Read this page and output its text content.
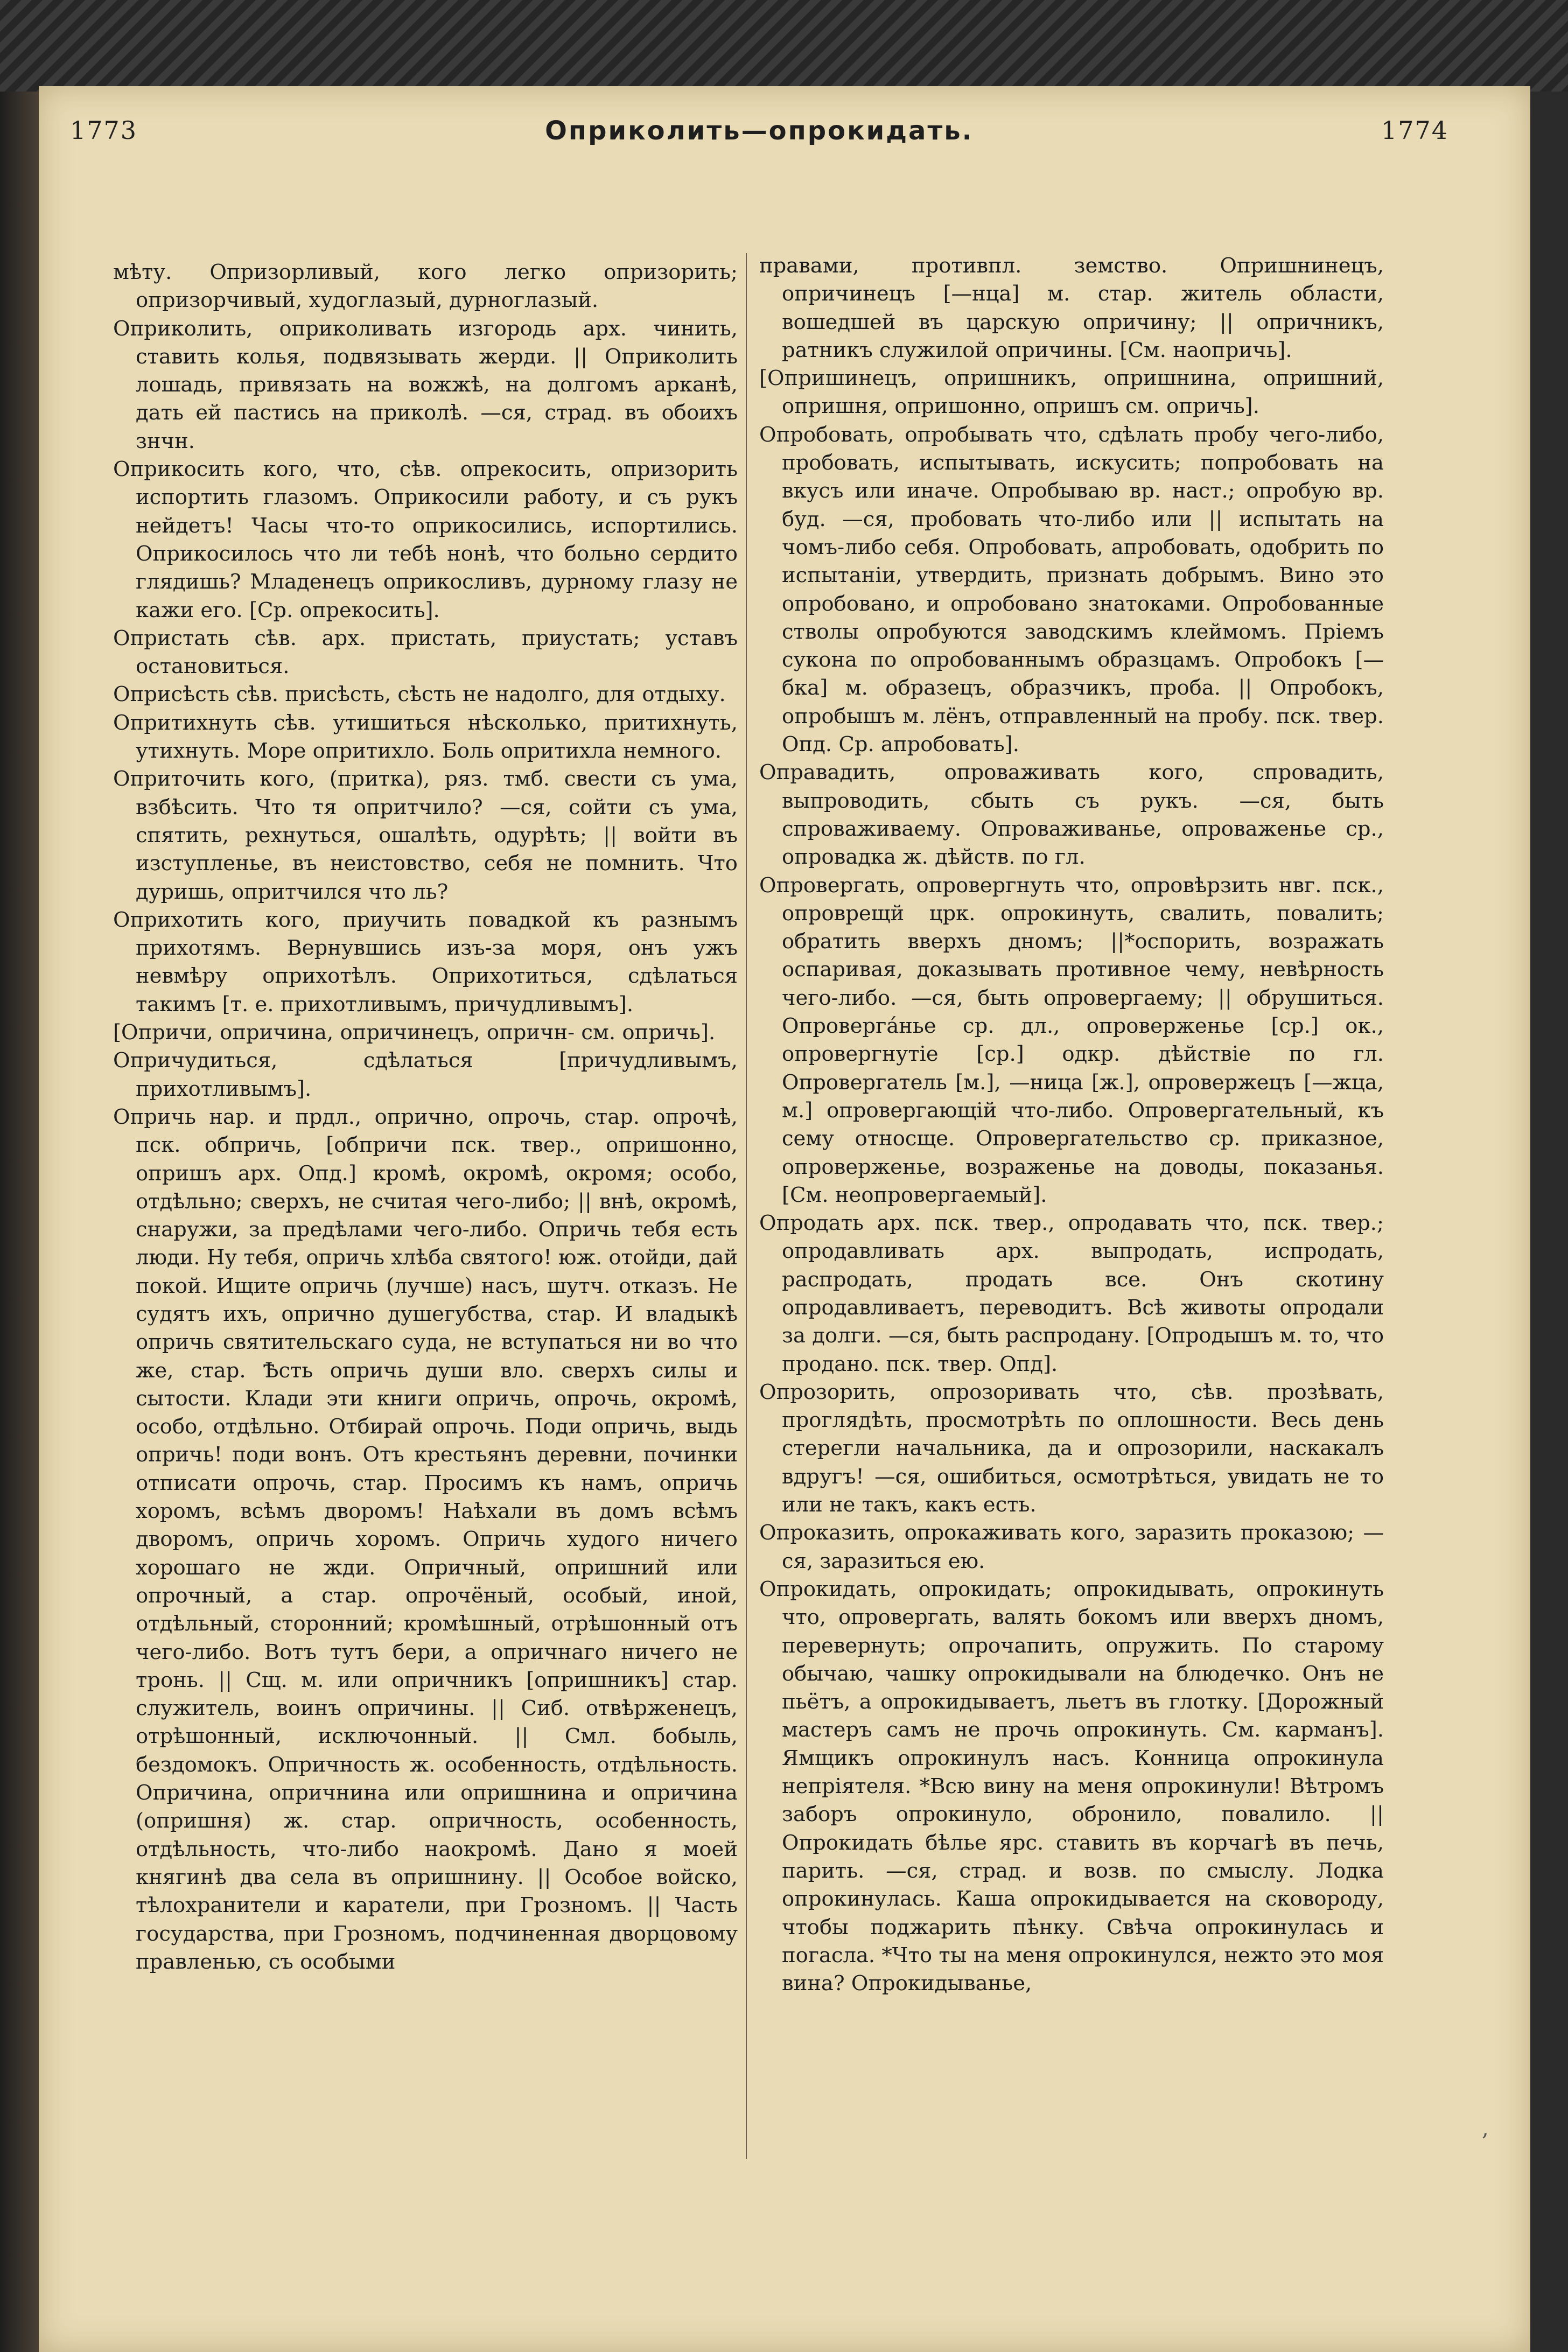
1773	Оприколить—опрокидать.	1774

мѣту. Опризорливый, кого легко опризорить; опризорчивый, худоглазый, дурноглазый.

Оприколить, оприколивать изгородь арх. чинить, ставить колья, подвязывать жерди. || Оприколить лошадь, привязать на вожжѣ, на долгомъ арканѣ, дать ей пастись на приколѣ. —ся, страд. въ обоихъ знчн.

Оприкосить кого, что, сѣв. опрекосить, опризорить испортить глазомъ. Оприкосили работу, и съ рукъ нейдетъ! Часы что-то оприкосились, испортились. Оприкосилось что ли тебѣ нонѣ, что больно сердито глядишь? Младенецъ оприкосливъ, дурному глазу не кажи его. [Ср. опрекосить].

Опристать сѣв. арх. пристать, приустать; уставъ остановиться.

Оприсѣсть сѣв. присѣсть, сѣсть не надолго, для отдыху.

Опритихнуть сѣв. утишиться нѣсколько, притихнуть, утихнуть. Море опритихло. Боль опритихла немного.

Оприточить кого, (притка), ряз. тмб. свести съ ума, взбѣсить. Что тя опритчило? —ся, сойти съ ума, спятить, рехнуться, ошалѣть, одурѣть; || войти въ изступленье, въ неистовство, себя не помнить. Что дуришь, опритчился что ль?

Оприхотить кого, приучить повадкой къ разнымъ прихотямъ. Вернувшись изъ-за моря, онъ ужъ невмѣру оприхотѣлъ. Оприхотиться, сдѣлаться такимъ [т. е. прихотливымъ, причудливымъ].

[Опричи, опричина, опричинецъ, опричн- см. опричь].

Опричудиться, сдѣлаться [причудливымъ, прихотливымъ].

Опричь нар. и прдл., опрично, опрочь, стар. опрочѣ, пск. обпричь, [обпричи пск. твер., опришонно, опришъ арх. Опд.] кромѣ, окромѣ, окромя; особо, отдѣльно; сверхъ, не считая чего-либо; || внѣ, окромѣ, снаружи, за предѣлами чего-либо. Опричь тебя есть люди. Ну тебя, опричь хлѣба святого! юж. отойди, дай покой. Ищите опричь (лучше) насъ, шутч. отказъ. Не судятъ ихъ, опрично душегубства, стар. И владыкѣ опричь святительскаго суда, не вступаться ни во что же, стар. Ѣсть опричь души вло. сверхъ силы и сытости. Клади эти книги опричь, опрочь, окромѣ, особо, отдѣльно. Отбирай опрочь. Поди опричь, выдь опричь! поди вонъ. Отъ крестьянъ деревни, починки отписати опрочь, стар. Просимъ къ намъ, опричь хоромъ, всѣмъ дворомъ! Наѣхали въ домъ всѣмъ дворомъ, опричь хоромъ. Опричь худого ничего хорошаго не жди. Опричный, опришний или опрочный, а стар. опрочёный, особый, иной, отдѣльный, сторонний; кромѣшный, отрѣшонный отъ чего-либо. Вотъ тутъ бери, а опричнаго ничего не тронь. || Сщ. м. или опричникъ [опришникъ] стар. служитель, воинъ опричины. || Сиб. отвѣрженецъ, отрѣшонный, исключонный. || Смл. бобыль, бездомокъ. Опричность ж. особенность, отдѣльность. Опричина, опричнина или опришнина и опричина (опришня) ж. стар. опричность, особенность, отдѣльность, что-либо наокромѣ. Дано я моей княгинѣ два села въ опришнину. || Особое войско, тѣлохранители и каратели, при Грозномъ. || Часть государства, при Грозномъ, подчиненная дворцовому правленью, съ особыми

правами, противпл. земство. Опришнинецъ, опричинецъ [—нца] м. стар. житель области, вошедшей въ царскую опричину; || опричникъ, ратникъ служилой опричины. [См. наопричь].

[Опришинецъ, опришникъ, опришнина, опришний, опришня, опришонно, опришъ см. опричь].

Опробовать, опробывать что, сдѣлать пробу чего-либо, пробовать, испытывать, искусить; попробовать на вкусъ или иначе. Опробываю вр. наст.; опробую вр. буд. —ся, пробовать что-либо или || испытать на чомъ-либо себя. Опробовать, апробовать, одобрить по испытаніи, утвердить, признать добрымъ. Вино это опробовано, и опробовано знатоками. Опробованные стволы опробуются заводскимъ клеймомъ. Пріемъ сукона по опробованнымъ образцамъ. Опробокъ [—бка] м. образецъ, образчикъ, проба. || Опробокъ, опробышъ м. лёнъ, отправленный на пробу. пск. твер. Опд. Ср. апробовать].

Оправадить, опроваживать кого, спровадить, выпроводить, сбыть съ рукъ. —ся, быть спроваживаему. Опроваживанье, опроваженье ср., опровадка ж. дѣйств. по гл.

Опровергать, опровергнуть что, опровѣрзить нвг. пск., опроврещй црк. опрокинуть, свалить, повалить; обратить вверхъ дномъ; ||*оспорить, возражать оспаривая, доказывать противное чему, невѣрность чего-либо. —ся, быть опровергаему; || обрушиться. Опровергáнье ср. дл., опроверженье [ср.] ок., опровергнутіе [ср.] одкр. дѣйствіе по гл. Опровергатель [м.], —ница [ж.], опровержецъ [—жца, м.] опровергающій что-либо. Опровергательный, къ сему относще. Опровергательство ср. приказное, опроверженье, возраженье на доводы, показанья. [См. неопровергаемый].

Опродать арх. пск. твер., опродавать что, пск. твер.; опродавливать арх. выпродать, испродать, распродать, продать все. Онъ скотину опродавливаетъ, переводитъ. Всѣ животы опродали за долги. —ся, быть распродану. [Опродышъ м. то, что продано. пск. твер. Опд].

Опрозорить, опрозоривать что, сѣв. прозѣвать, проглядѣть, просмотрѣть по оплошности. Весь день стерегли начальника, да и опрозорили, наскакалъ вдругъ! —ся, ошибиться, осмотрѣться, увидать не то или не такъ, какъ есть.

Опроказить, опрокаживать кого, заразить проказою; —ся, заразиться ею.

Опрокидать, опрокидать; опрокидывать, опрокинуть что, опровергать, валять бокомъ или вверхъ дномъ, перевернуть; опрочапить, опружить. По старому обычаю, чашку опрокидывали на блюдечко. Онъ не пьётъ, а опрокидываетъ, льетъ въ глотку. [Дорожный мастеръ самъ не прочь опрокинуть. См. карманъ]. Ямщикъ опрокинулъ насъ. Конница опрокинула непріятеля. *Всю вину на меня опрокинули! Вѣтромъ заборъ опрокинуло, обронило, повалило. || Опрокидать бѣлье ярс. ставить въ корчагѣ въ печь, парить. —ся, страд. и возв. по смыслу. Лодка опрокинулась. Каша опрокидывается на сковороду, чтобы поджарить пѣнку. Свѣча опрокинулась и погасла. *Что ты на меня опрокинулся, нежто это моя вина? Опрокидыванье,

,
